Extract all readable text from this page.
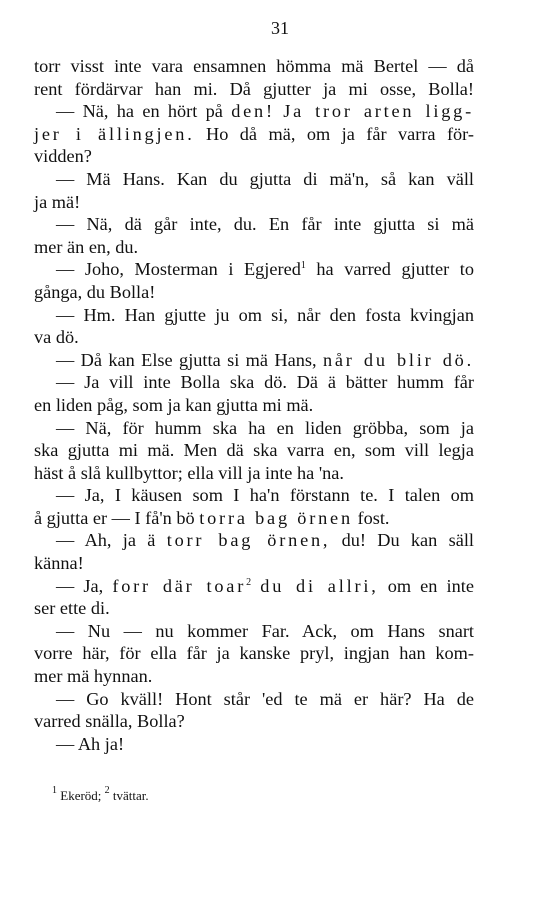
31
torr visst inte vara ensamnen hömma mä Bertel — då
rent fördärvar han mi. Då gjutter ja mi osse, Bolla!
— Nä, ha en hört på den! Ja tror arten ligg-
jer i ällingjen. Ho då mä, om ja får varra för-
vidden?
— Mä Hans. Kan du gjutta di mä'n, så kan väll
ja mä!
— Nä, dä går inte, du. En får inte gjutta si mä
mer än en, du.
— Joho, Mosterman i Egjered$^1$ ha varred gjutter to
gånga, du Bolla!
— Hm. Han gjutte ju om si, når den fosta kvingjan
va dö.
— Då kan Else gjutta si mä Hans, når du blir dö.
— Ja vill inte Bolla ska dö. Dä ä bätter humm får
en liden påg, som ja kan gjutta mi mä.
— Nä, för humm ska ha en liden gröbba, som ja
ska gjutta mi mä. Men dä ska varra en, som vill legja
häst å slå kullbyttor; ella vill ja inte ha 'na.
— Ja, I käusen som I ha'n förstann te. I talen om
å gjutta er — I få'n bö torra bag örnen fost.
— Ah, ja ä torr bag örnen, du! Du kan säll
känna!
— Ja, forr där toar$^2$ du di allri, om en inte
ser ette di.
— Nu — nu kommer Far. Ack, om Hans snart
vorre här, för ella får ja kanske pryl, ingjan han kom-
mer mä hynnan.
— Go kväll! Hont står 'ed te mä er här? Ha de
varred snälla, Bolla?
— Ah ja!
$^1$ Ekeröd; $^2$ tvättar.
